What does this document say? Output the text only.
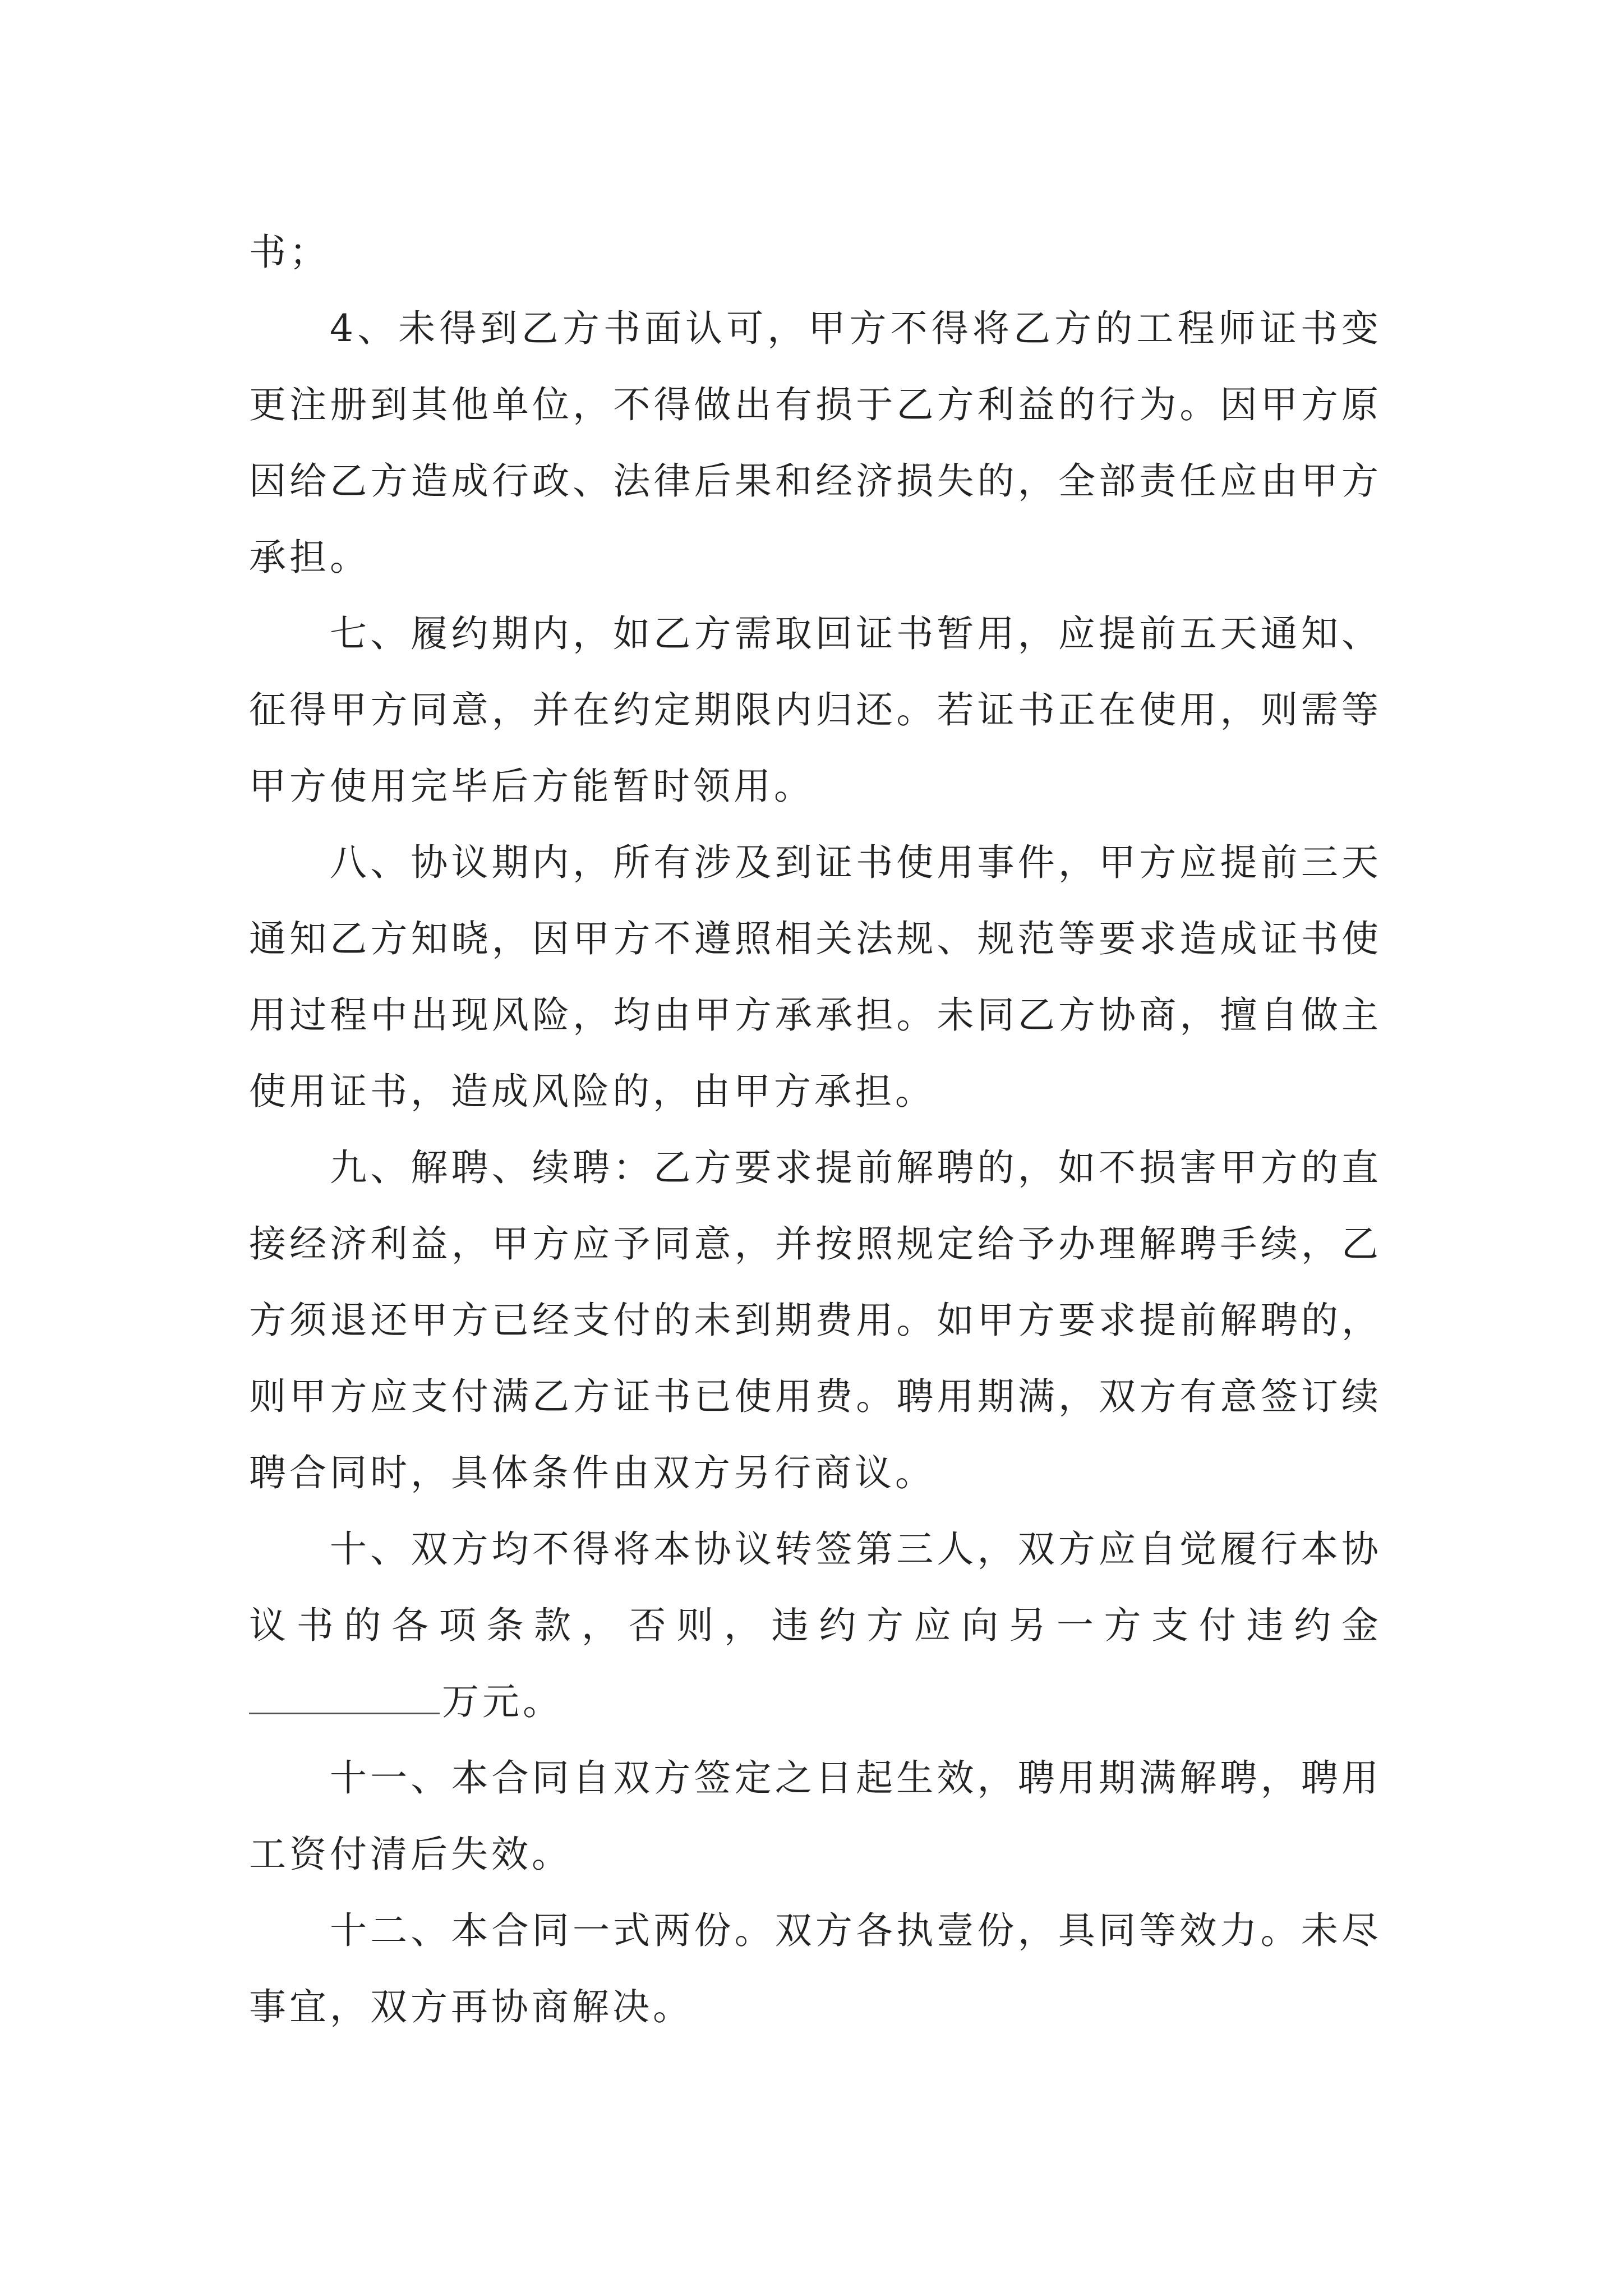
书；

4、未得到乙方书面认可，甲方不得将乙方的工程师证书变更注册到其他单位，不得做出有损于乙方利益的行为。因甲方原因给乙方造成行政、法律后果和经济损失的，全部责任应由甲方承担。

七、履约期内，如乙方需取回证书暂用，应提前五天通知、征得甲方同意，并在约定期限内归还。若证书正在使用，则需等甲方使用完毕后方能暂时领用。

八、协议期内，所有涉及到证书使用事件，甲方应提前三天通知乙方知晓，因甲方不遵照相关法规、规范等要求造成证书使用过程中出现风险，均由甲方承承担。未同乙方协商，擅自做主使用证书，造成风险的，由甲方承担。

九、解聘、续聘：乙方要求提前解聘的，如不损害甲方的直接经济利益，甲方应予同意，并按照规定给予办理解聘手续，乙方须退还甲方已经支付的未到期费用。如甲方要求提前解聘的，则甲方应支付满乙方证书已使用费。聘用期满，双方有意签订续聘合同时，具体条件由双方另行商议。

十、双方均不得将本协议转签第三人，双方应自觉履行本协议书的各项条款，否则，违约方应向另一方支付违约金万元。

十一、本合同自双方签定之日起生效，聘用期满解聘，聘用工资付清后失效。

十二、本合同一式两份。双方各执壹份，具同等效力。未尽事宜，双方再协商解决。
